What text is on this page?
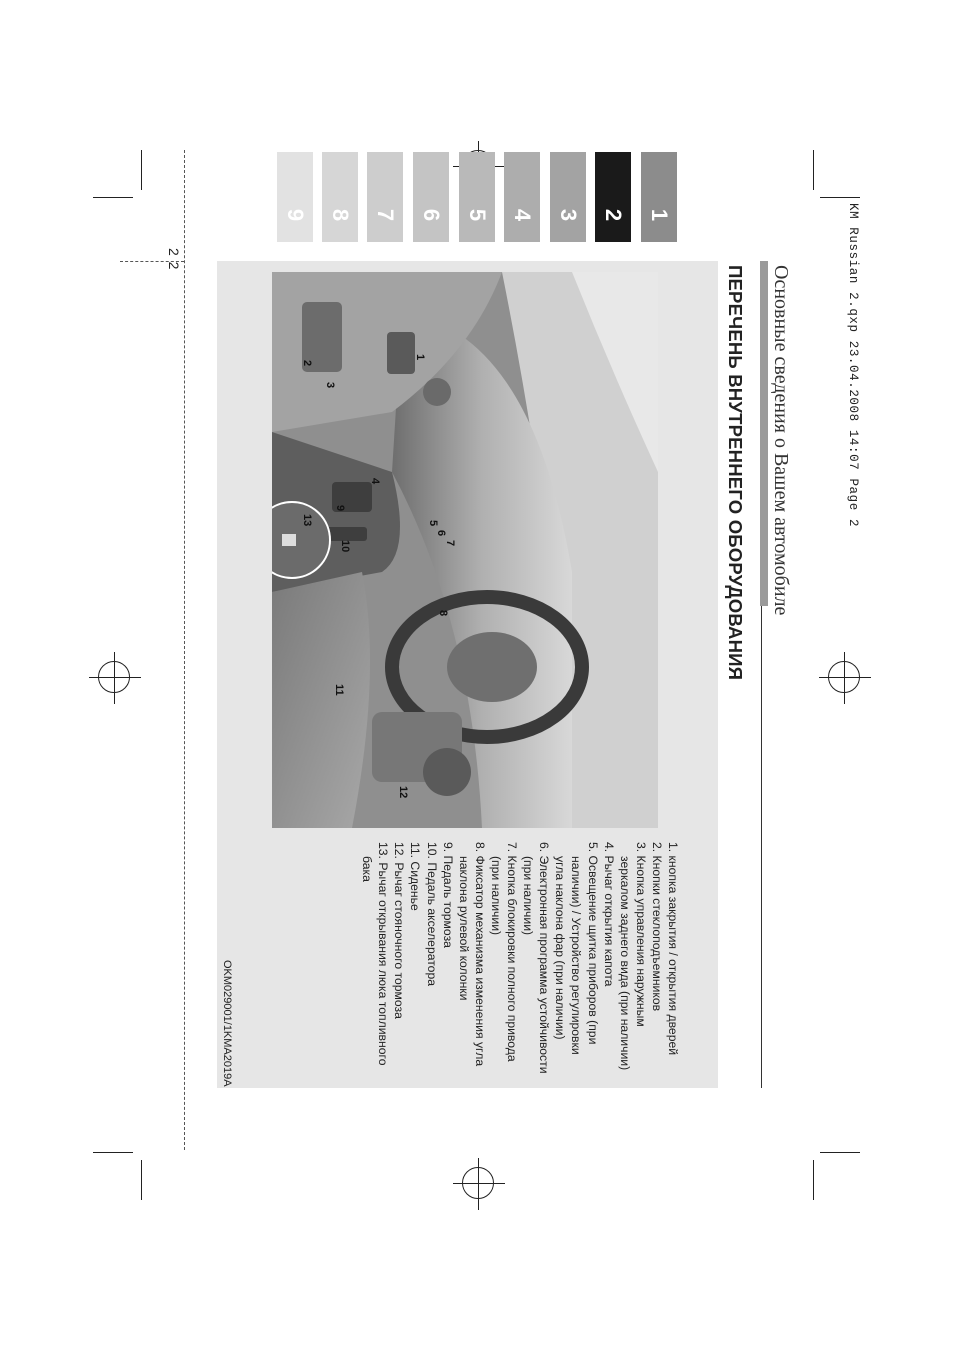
2 2	KM Russian 2.qxp 23.04.2008 14:07 Page 2
Основные сведения о Вашем автомобиле
ПЕРЕЧЕНЬ ВНУТРЕННЕГО ОБОРУДОВАНИЯ
9 8 7 6 5 4 3 2 1
1
2
3
4
5
6
7
8
9
10
11
12
13
OKM029001/1KMA2019A	1. кнопка закрытия / открытия дверей
2. Кнопки стеклоподъемников
3. Кнопка управления наружным зеркалом заднего вида (при наличии)
4. Рычаг открытия капота
5. Освещение щитка приборов (при наличии) / Устройство регулировки угла наклона фар (при наличии)
6. Электронная программа устойчивости (при наличии)
7. Кнопка блокировки полного привода (при наличии)
8. Фиксатор механизма изменения угла наклона рулевой колонки
9. Педаль тормоза
10. Педаль акселератора
11. Сиденье
12. Рычаг стояночного тормоза
13. Рычаг открывания люка топливного бака
